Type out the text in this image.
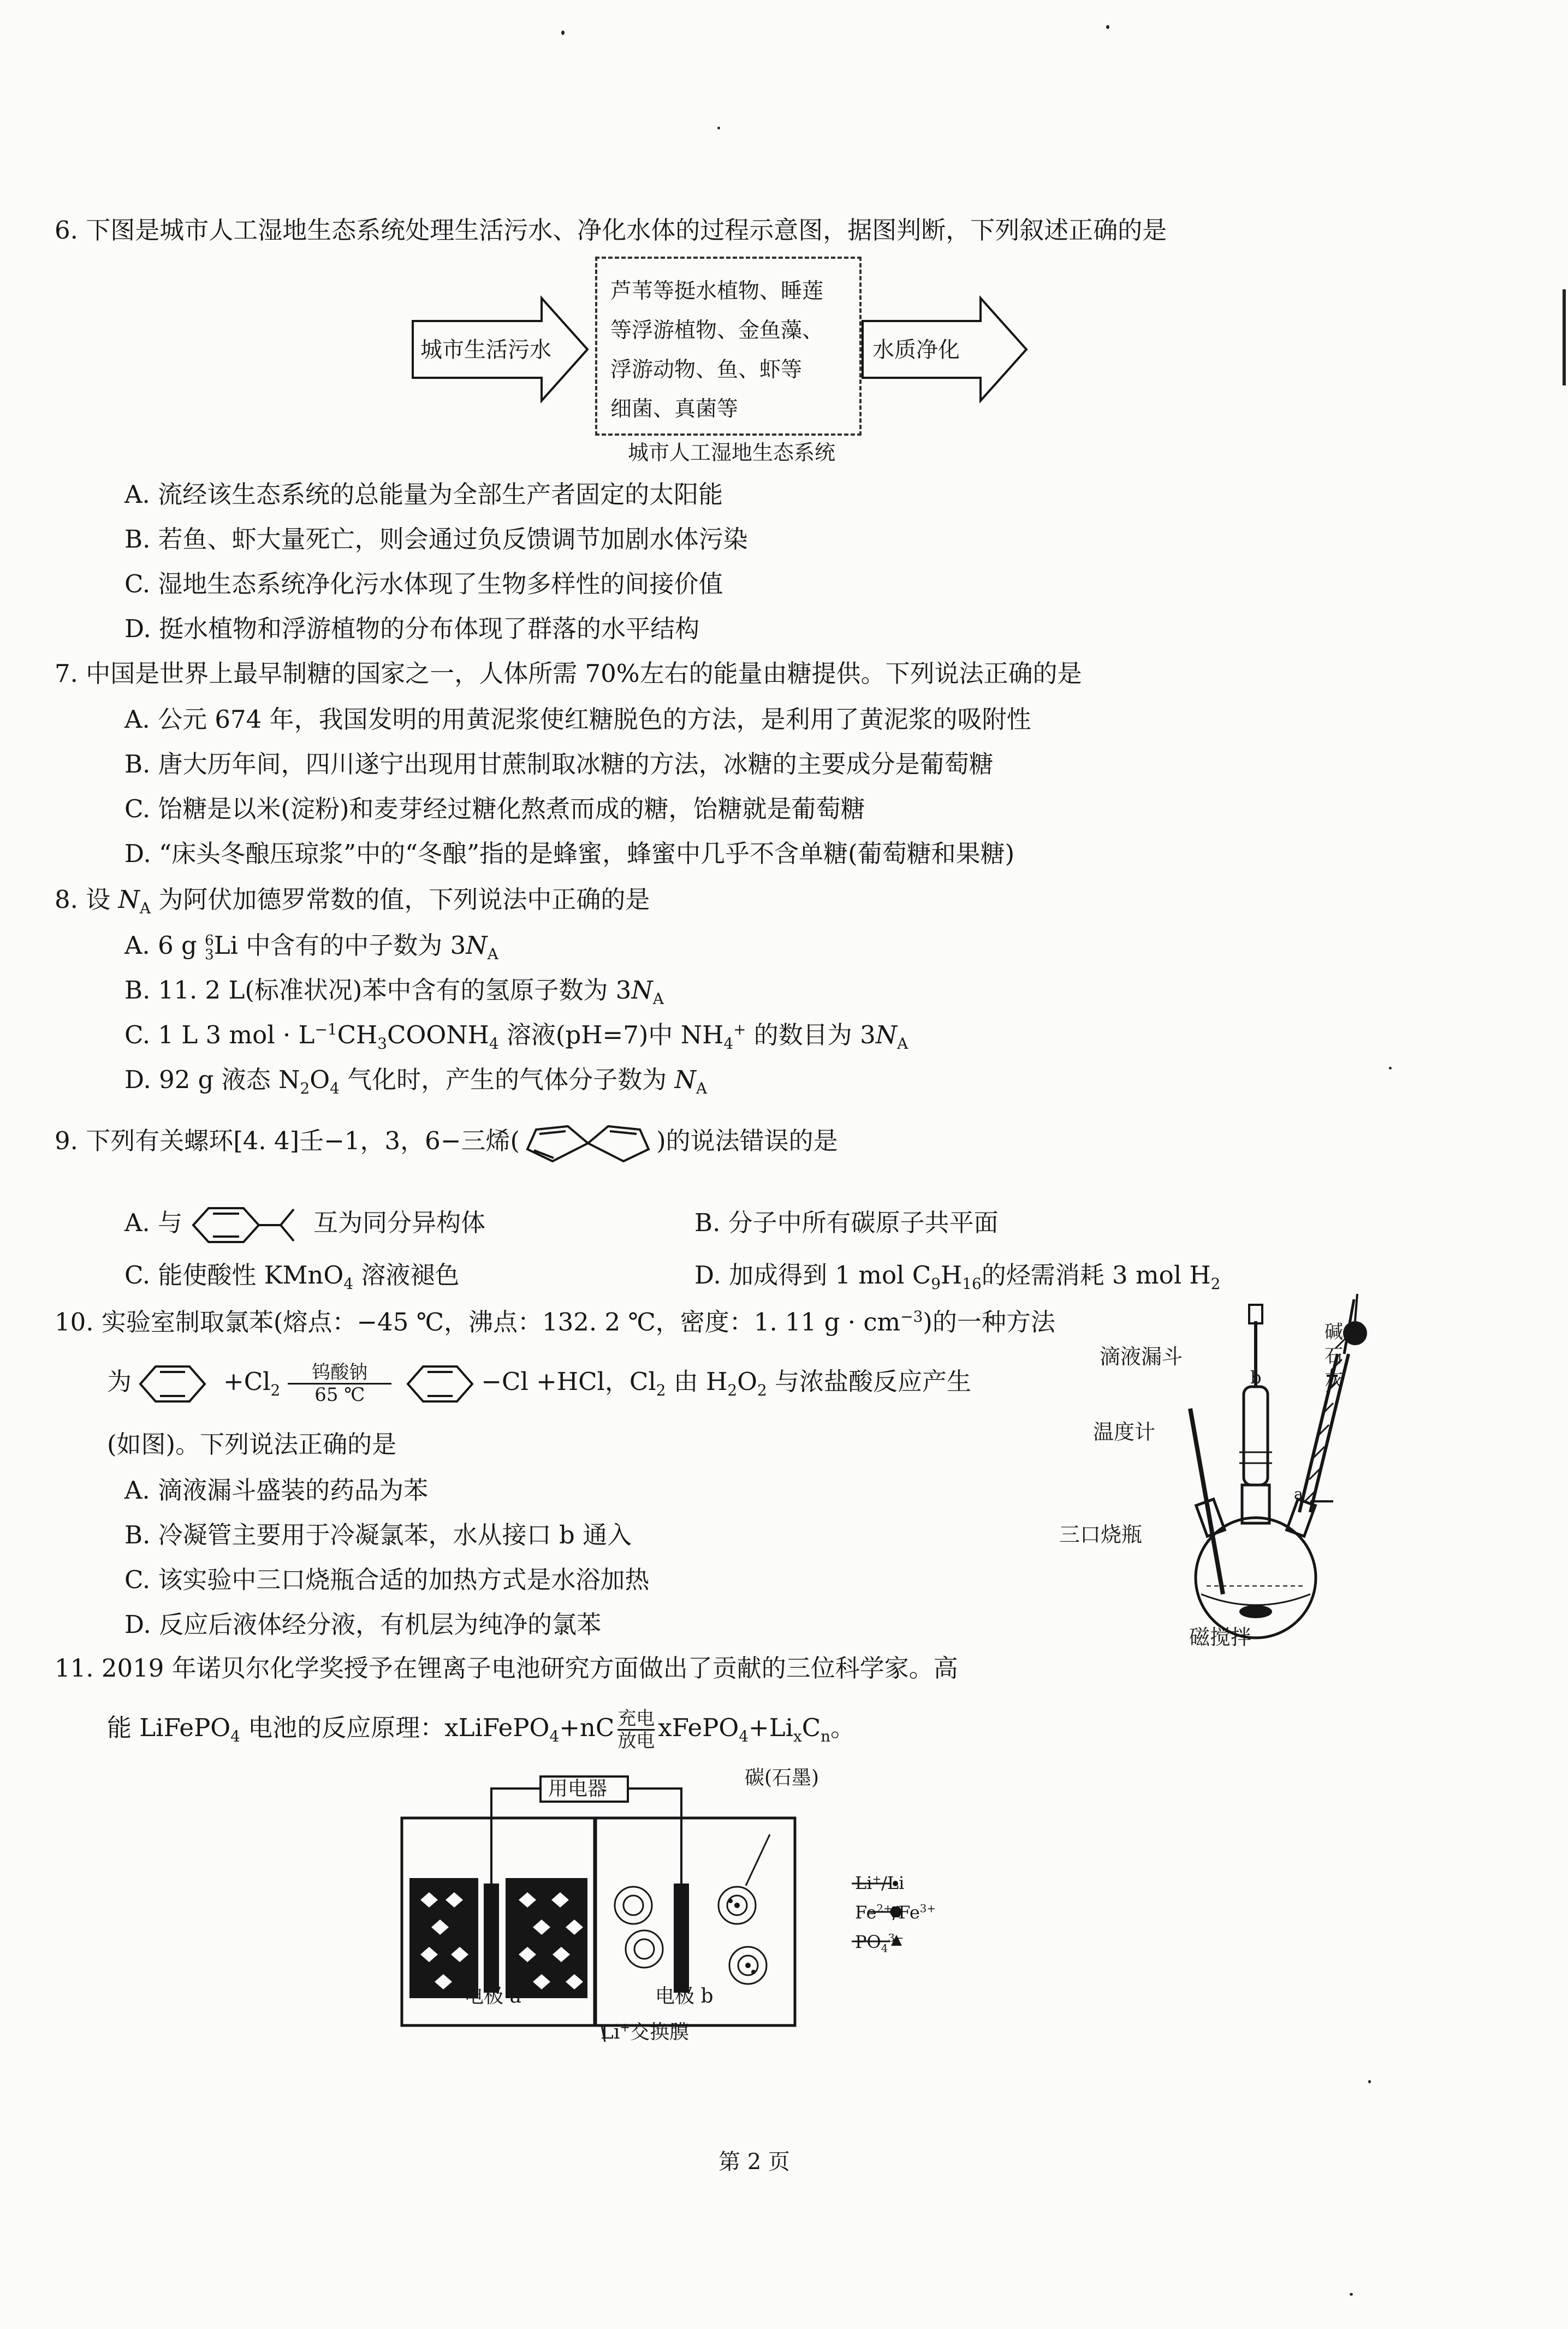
6. 下图是城市人工湿地生态系统处理生活污水、净化水体的过程示意图，据图判断，下列叙述正确的是
城市生活污水
芦苇等挺水植物、睡莲
等浮游植物、金鱼藻、
浮游动物、鱼、虾等
细菌、真菌等
水质净化
城市人工湿地生态系统
A. 流经该生态系统的总能量为全部生产者固定的太阳能
B. 若鱼、虾大量死亡，则会通过负反馈调节加剧水体污染
C. 湿地生态系统净化污水体现了生物多样性的间接价值
D. 挺水植物和浮游植物的分布体现了群落的水平结构
7. 中国是世界上最早制糖的国家之一，人体所需 70%左右的能量由糖提供。下列说法正确的是
A. 公元 674 年，我国发明的用黄泥浆使红糖脱色的方法，是利用了黄泥浆的吸附性
B. 唐大历年间，四川遂宁出现用甘蔗制取冰糖的方法，冰糖的主要成分是葡萄糖
C. 饴糖是以米(淀粉)和麦芽经过糖化熬煮而成的糖，饴糖就是葡萄糖
D. “床头冬酿压琼浆”中的“冬酿”指的是蜂蜜，蜂蜜中几乎不含单糖(葡萄糖和果糖)
8. 设 $N_A$ 为阿伏加德罗常数的值，下列说法中正确的是
A. 6 g 6
3 Li 中含有的中子数为 $3N_A$
B. 11. 2 L(标准状况)苯中含有的氢原子数为 $3N_A$
C. 1 L 3 mol · $L^{-1}CH_3COONH_4$ 溶液(pH=7)中 $NH_4^+$ 的数目为 $3N_A$
D. 92 g 液态 $N_2O_4$ 气化时，产生的气体分子数为 $N_A$
9. 下列有关螺环[4. 4]壬−1，3，6−三烯(	)的说法错误的是
A. 与	互为同分异构体	B. 分子中所有碳原子共平面
C. 能使酸性 KMnO$_4$ 溶液褪色	D. 加成得到 1 mol $C_9H_{16}$的烃需消耗 3 mol $H_2$
10. 实验室制取氯苯(熔点：−45 ℃，沸点：132. 2 ℃，密度：1. 11 $g \cdot cm^{-3}$)的一种方法
为	$+Cl_2 \frac{\text{钨酸钠}}{65 ℃}$	−Cl +HCl，$Cl_2$ 由 $H_2O_2$ 与浓盐酸反应产生
(如图)。下列说法正确的是
A. 滴液漏斗盛装的药品为苯
B. 冷凝管主要用于冷凝氯苯，水从接口 b 通入
C. 该实验中三口烧瓶合适的加热方式是水浴加热
D. 反应后液体经分液，有机层为纯净的氯苯
滴液漏斗
温度计
三口烧瓶
磁搅拌
碱
石
灰
a
b
11. 2019 年诺贝尔化学奖授予在锂离子电池研究方面做出了贡献的三位科学家。高
能 LiFePO$_4$ 电池的反应原理：xLiFePO$_4$+nC $\frac{\text{充电}}{\text{放电}}$ $xFePO_4+Li_xC_n$。
用电器	碳(石墨)
电极 a	电极 b
Li+交换膜
Li+/Li
$Fe^{2+}/Fe^{3+}$
$PO_4^{3-}$
第 2 页
